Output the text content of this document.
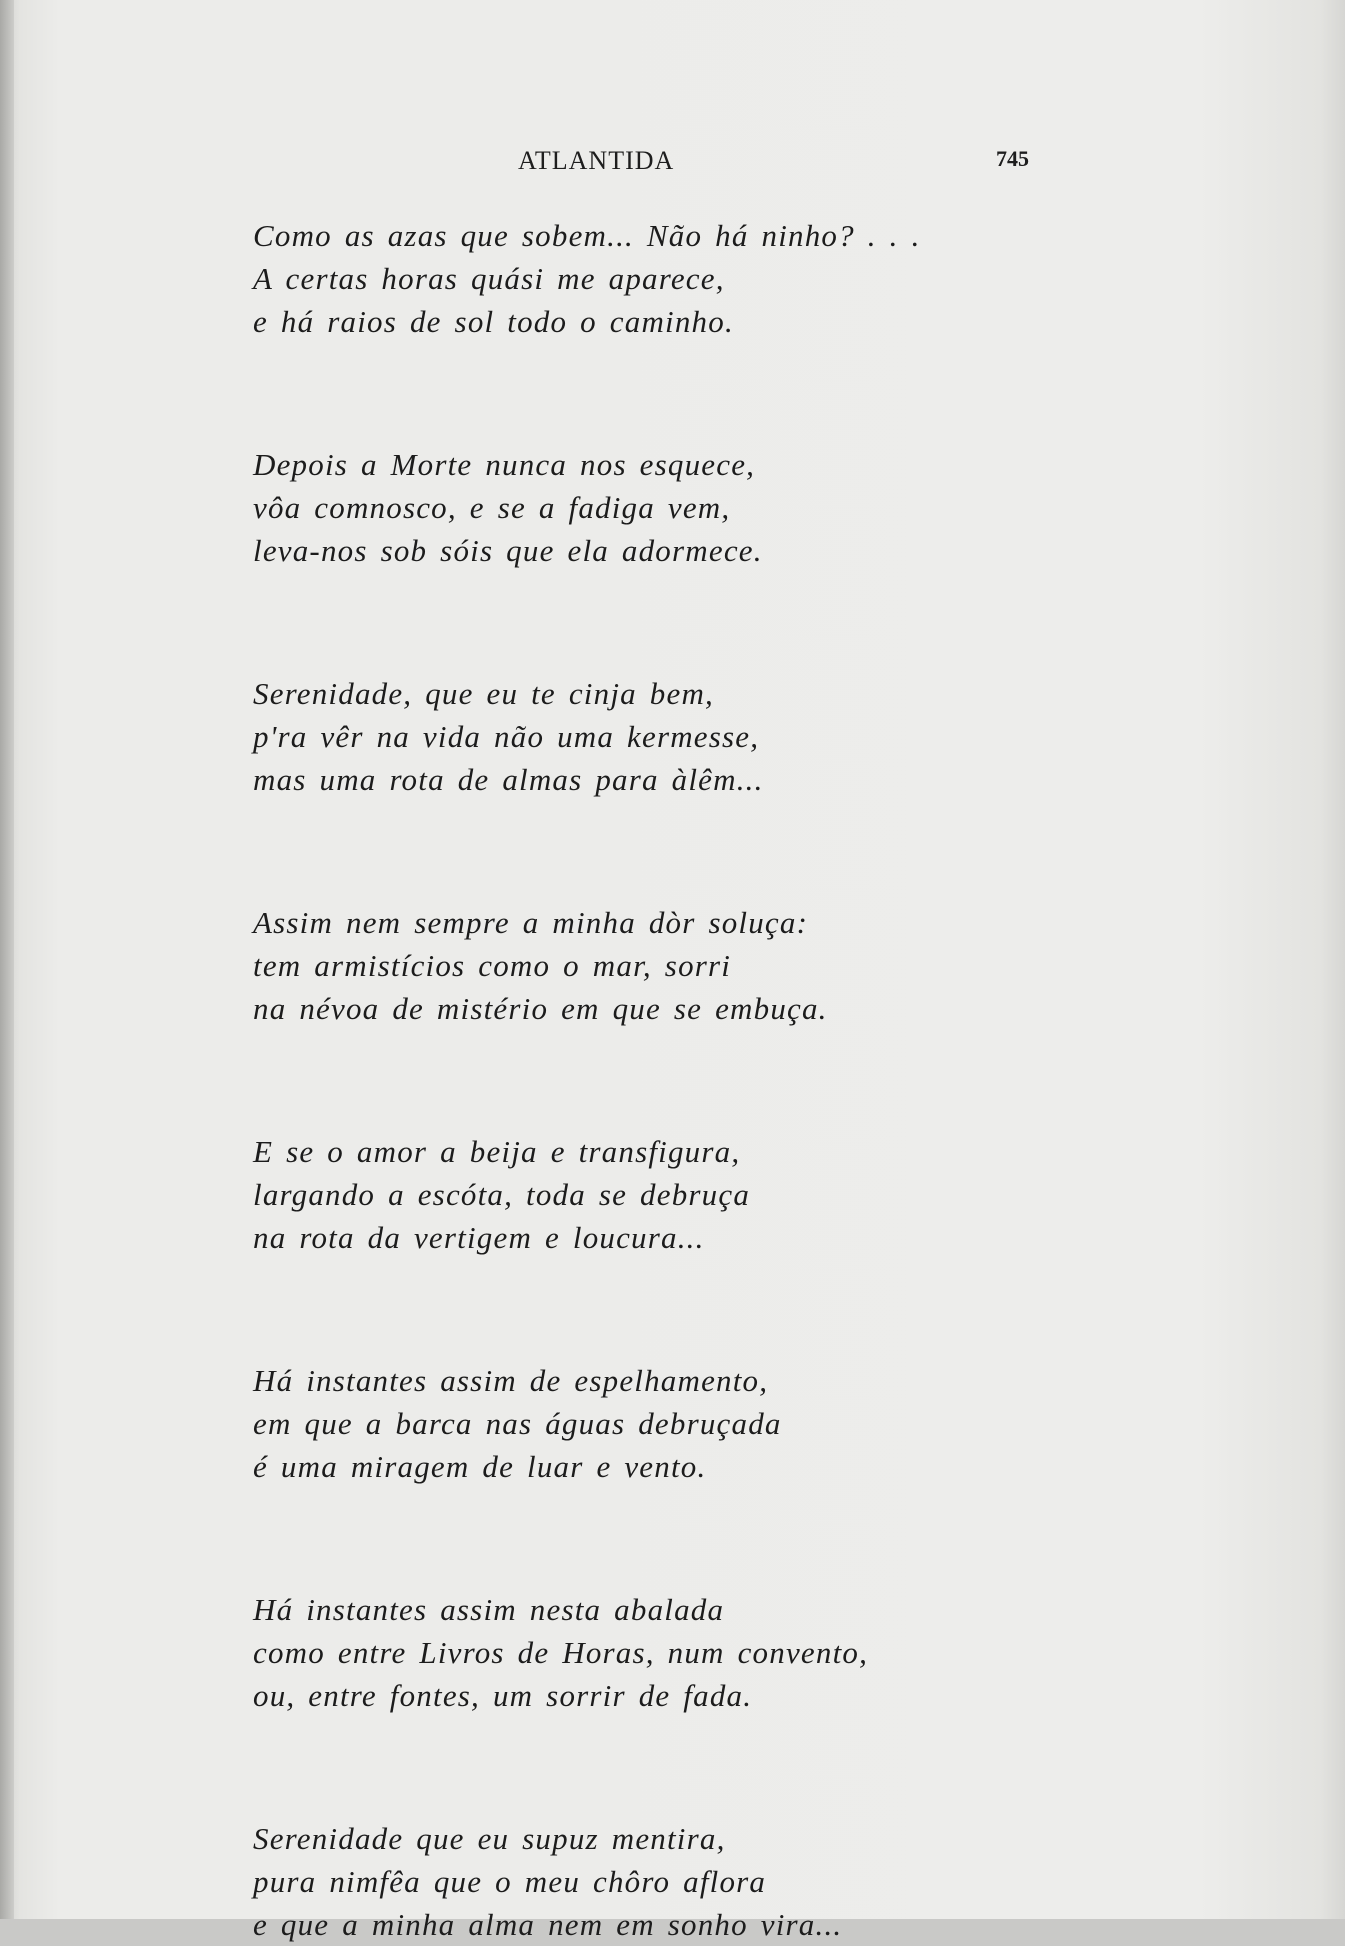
ATLANTIDA	745
Como as azas que sobem... Não há ninho? . . .
A certas horas quási me aparece,
e há raios de sol todo o caminho.
Depois a Morte nunca nos esquece,
vôa comnosco, e se a fadiga vem,
leva-nos sob sóis que ela adormece.
Serenidade, que eu te cinja bem,
p'ra vêr na vida não uma kermesse,
mas uma rota de almas para àlêm...
Assim nem sempre a minha dòr soluça:
tem armistícios como o mar, sorri
na névoa de mistério em que se embuça.
E se o amor a beija e transfigura,
largando a escóta, toda se debruça
na rota da vertigem e loucura...
Há instantes assim de espelhamento,
em que a barca nas águas debruçada
é uma miragem de luar e vento.
Há instantes assim nesta abalada
como entre Livros de Horas, num convento,
ou, entre fontes, um sorrir de fada.
Serenidade que eu supuz mentira,
pura nimfêa que o meu chôro aflora
e que a minha alma nem em sonho vira...
